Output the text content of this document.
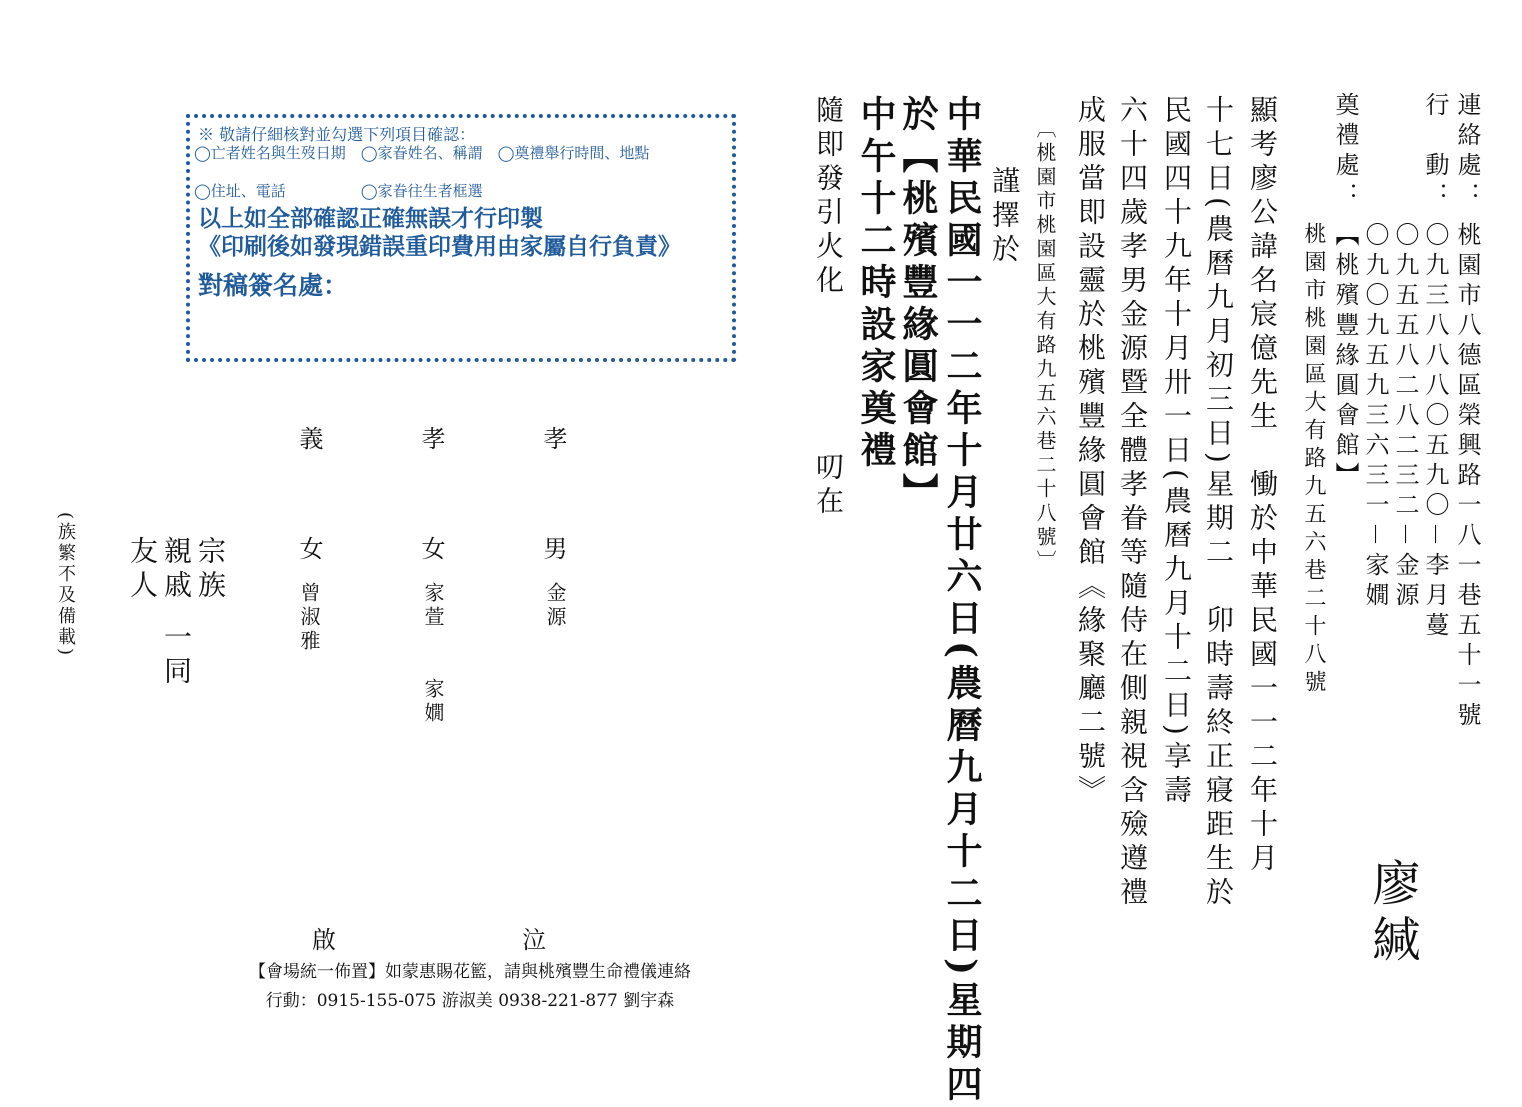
連絡處：
桃園市八德區榮興路一八一巷五十一號
行　動：
〇九三八八八〇五九〇－李月蔓
〇九五五八二八二三二－金源
〇九〇九五九三六三一－家嫺
奠禮處：
【桃殯豐緣圓會館】
桃園市桃園區大有路九五六巷二十八號
廖緘
顯考廖公諱名宸億先生　慟於中華民國一一二年十月
十七日(農曆九月初三日)星期二　卯時壽終正寢距生於
民國四十九年十月卅一日(農曆九月十二日)享壽
六十四歲孝男金源暨全體孝眷等隨侍在側親視含殮遵禮
成服當即設靈於桃殯豐緣圓會館《緣聚廳二號》
〔桃園市桃園區大有路九五六巷二十八號〕
謹擇於
中華民國一一二年十月廿六日(農曆九月十二日)星期四
於【桃殯豐緣圓會館】
中午十二時設家奠禮
隨即發引火化
叨在
孝
男
金源
孝
女
家萱
家嫺
義
女
曾淑雅
宗族
親戚
友人
一同
(族繁不及備載)
泣
啟
※ 敬請仔細核對並勾選下列項目確認：
◯亡者姓名與生歿日期　◯家眷姓名、稱謂　◯奠禮舉行時間、地點
◯住址、電話　　　　　◯家眷往生者框選
以上如全部確認正確無誤才行印製
《印刷後如發現錯誤重印費用由家屬自行負責》
對稿簽名處：
【會場統一佈置】如蒙惠賜花籃，請與桃殯豐生命禮儀連絡
行動：0915-155-075 游淑美 0938-221-877 劉宇森
